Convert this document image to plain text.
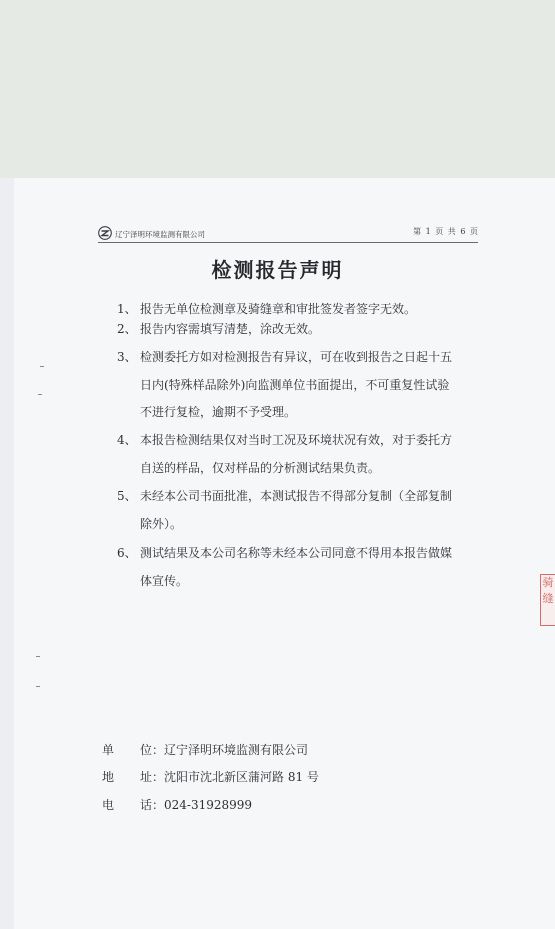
辽宁泽明环境监测有限公司	第 1 页 共 6 页
检测报告声明
1、 报告无单位检测章及骑缝章和审批签发者签字无效。
2、 报告内容需填写清楚，涂改无效。
3、 检测委托方如对检测报告有异议，可在收到报告之日起十五
日内(特殊样品除外)向监测单位书面提出，不可重复性试验
不进行复检，逾期不予受理。
4、 本报告检测结果仅对当时工况及环境状况有效，对于委托方
自送的样品，仅对样品的分析测试结果负责。
5、 未经本公司书面批准，本测试报告不得部分复制（全部复制
除外）。
6、 测试结果及本公司名称等未经本公司同意不得用本报告做媒
体宣传。
单 位：辽宁泽明环境监测有限公司
地 址：沈阳市沈北新区蒲河路 81 号
电 话：024-31928999
骑
缝
